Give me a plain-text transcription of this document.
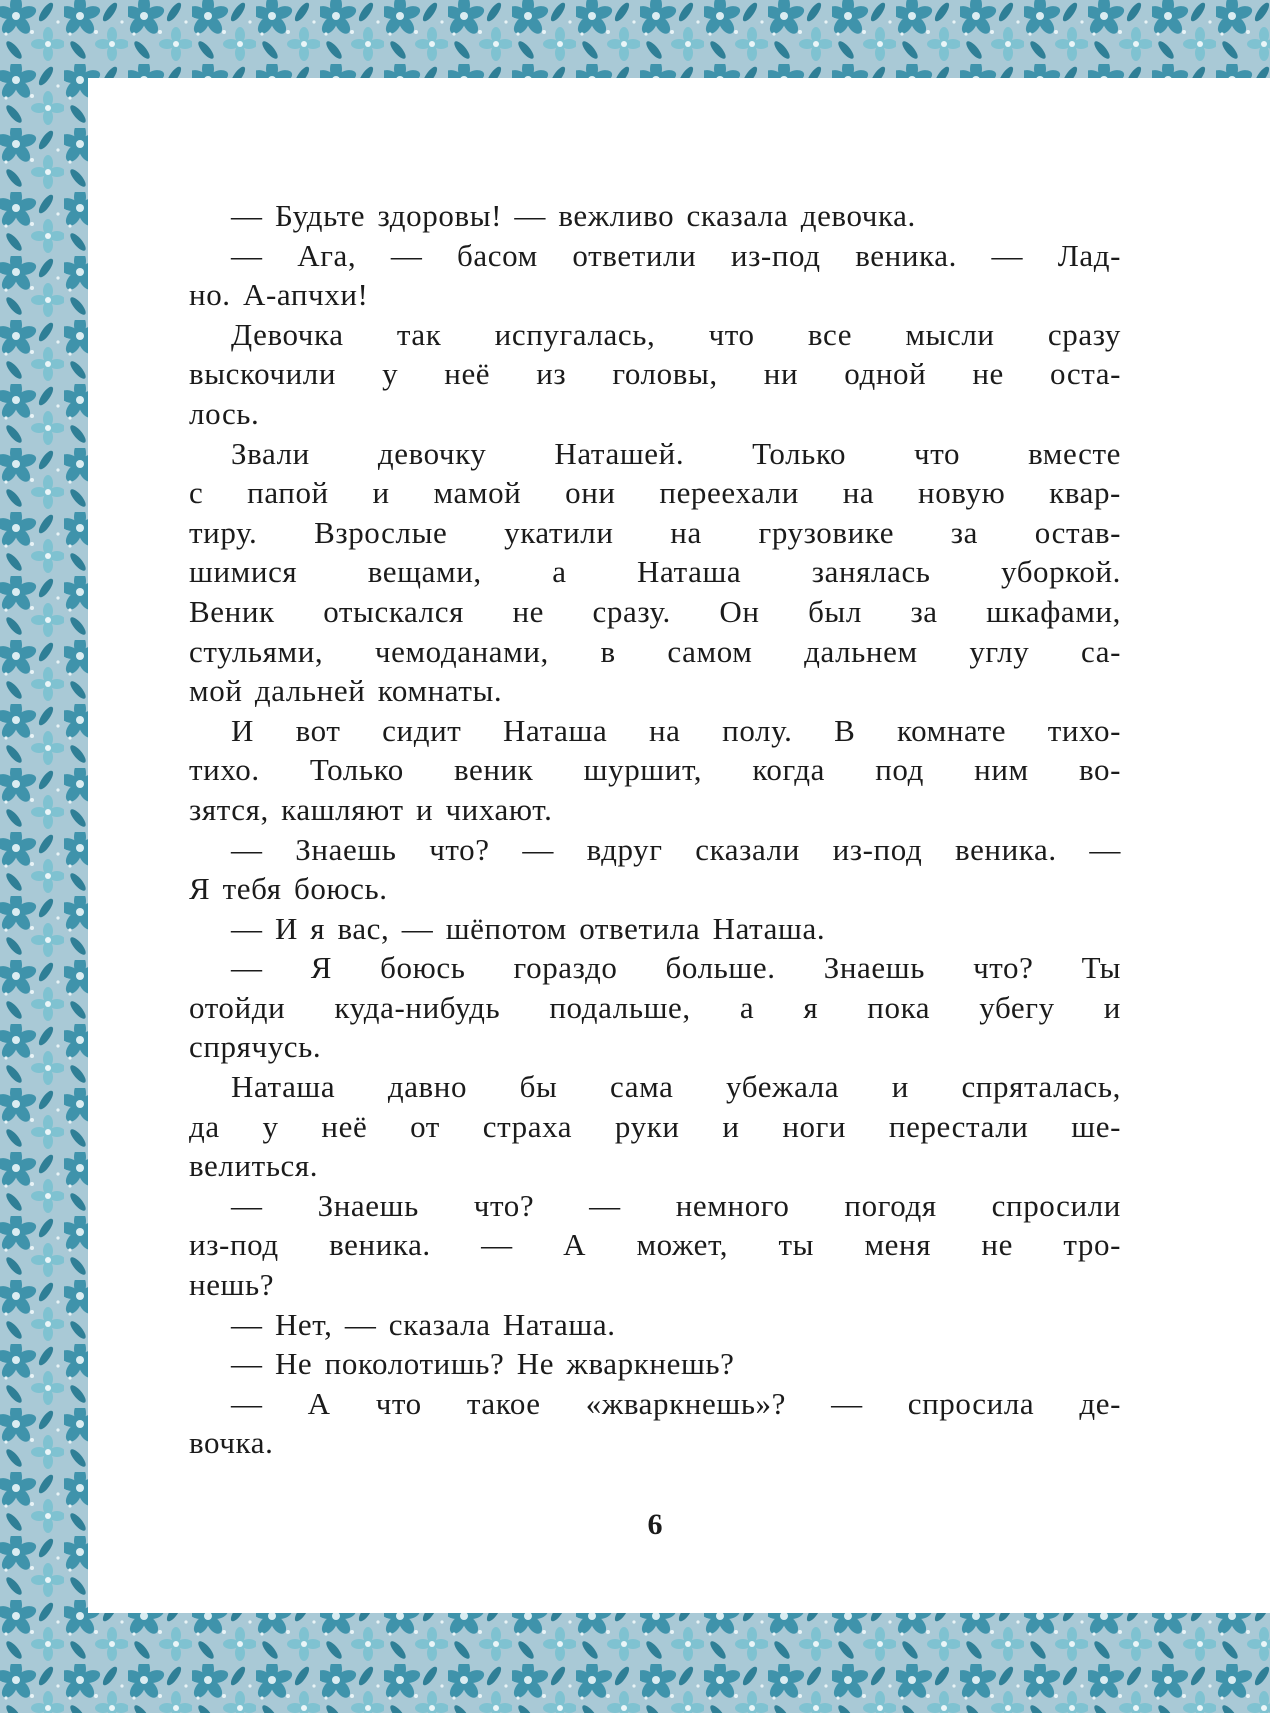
— Будьте здоровы! — вежливо сказала девочка.
— Ага, — басом ответили из-под веника. — Лад-
но. А-апчхи!
Девочка так испугалась, что все мысли сразу
выскочили у неё из головы, ни одной не оста-
лось.
Звали девочку Наташей. Только что вместе
с папой и мамой они переехали на новую квар-
тиру. Взрослые укатили на грузовике за остав-
шимися вещами, а Наташа занялась уборкой.
Веник отыскался не сразу. Он был за шкафами,
стульями, чемоданами, в самом дальнем углу са-
мой дальней комнаты.
И вот сидит Наташа на полу. В комнате тихо-
тихо. Только веник шуршит, когда под ним во-
зятся, кашляют и чихают.
— Знаешь что? — вдруг сказали из-под веника. —
Я тебя боюсь.
— И я вас, — шёпотом ответила Наташа.
— Я боюсь гораздо больше. Знаешь что? Ты
отойди куда-нибудь подальше, а я пока убегу и
спрячусь.
Наташа давно бы сама убежала и спряталась,
да у неё от страха руки и ноги перестали ше-
велиться.
— Знаешь что? — немного погодя спросили
из-под веника. — А может, ты меня не тро-
нешь?
— Нет, — сказала Наташа.
— Не поколотишь? Не жваркнешь?
— А что такое «жваркнешь»? — спросила де-
вочка.
6
